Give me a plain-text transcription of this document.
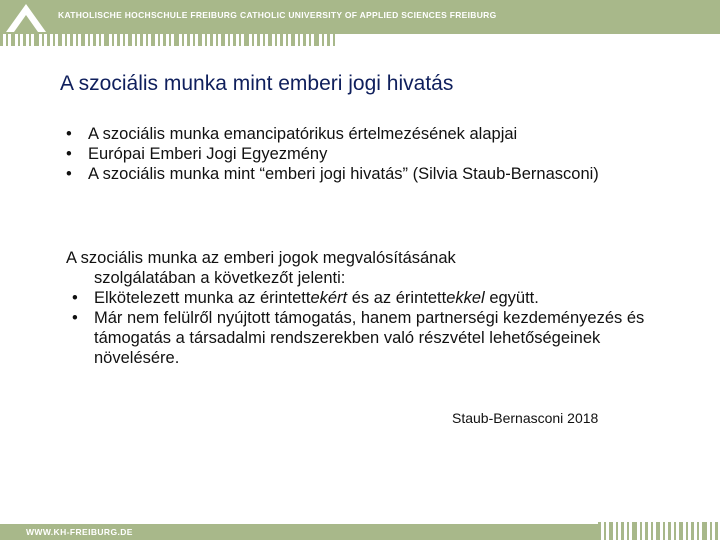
KATHOLISCHE HOCHSCHULE FREIBURG CATHOLIC UNIVERSITY OF APPLIED SCIENCES FREIBURG
A szociális munka mint emberi jogi hivatás
• A szociális munka emancipatórikus értelmezésének alapjai
• Európai Emberi Jogi Egyezmény
• A szociális munka mint “emberi jogi hivatás” (Silvia Staub-Bernasconi)
A szociális munka az emberi jogok megvalósításának
szolgálatában a következőt jelenti:
• Elkötelezett munka az érintettekért és az érintettekkel együtt.
• Már nem felülről nyújtott támogatás, hanem partnerségi kezdeményezés és támogatás a társadalmi rendszerekben való részvétel lehetőségeinek növelésére.
Staub-Bernasconi 2018
WWW.KH-FREIBURG.DE
